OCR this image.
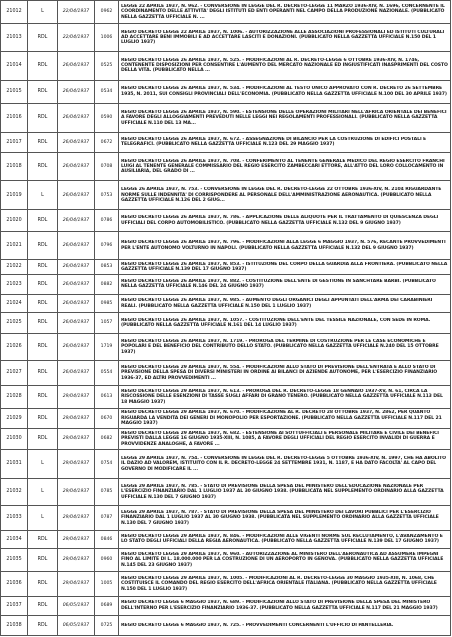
21012	L	22/04/1937	0962	LEGGE 22 APRILE 1937, N. 962. - CONVERSIONE IN LEGGE DEL R. DECRETO-LEGGE 11 MARZO 1936-XIV, N. 1696, CONCERNENTE IL COORDINAMENTO DELLE ATTIVITA' DEGLI ISTITUTI ED ENTI OPERANTI NEL CAMPO DELLA PRODUZIONE NAZIONALE. (PUBBLICATO NELLA GAZZETTA UFFICIALE N. ...

21013	RDL	22/04/1937	1006	REGIO DECRETO LEGGE 22 APRILE 1937, N. 1006. - AUTORIZZAZIONE ALLE ASSOCIAZIONI PROFESSIONALI ED ISTITUTI CULTURALI AD ACCETTARE BENI IMMOBILI E AD ACCETTARE LASCITI E DONAZIONI. (PUBBLICATO NELLA GAZZETTA UFFICIALE N.150 DEL 1 LUGLIO 1937)

21014	RDL	26/04/1937	0525	REGIO DECRETO LEGGE 26 APRILE 1937, N. 525. - MODIFICAZIONI AL R. DECRETO-LEGGE 6 OTTOBRE 1936-XIV, N. 1746, CONTENENTE DISPOSIZIONI PER CONSENTIRE L'AUMENTO DEL MERCATO NAZIONALE ED INGIUSTIFICATI INASPRIMENTI DEL COSTO DELLA VITA. (PUBBLICATO NELLA ...

21015	RDL	26/04/1937	0534	REGIO DECRETO LEGGE 26 APRILE 1937, N. 534. - MODIFICAZIONI AL TESTO UNICO APPROVATO CON R. DECRETO 26 SETTEMBRE 1935, N. 2011, SUI CONSIGLI PROVINCIALI DELL'ECONOMIA. (PUBBLICATO NELLA GAZZETTA UFFICIALE N.100 DEL 30 APRILE 1937)

21016	RDL	26/04/1937	0590	REGIO DECRETO LEGGE 26 APRILE 1937, N. 590. - ESTENSIONE DELLE OPERAZIONI MILITARI NELL'AFRICA ORIENTALE DEI BENEFICI A FAVORE DEGLI ALLOGGIAMENTI PREVEDUTI NELLE LEGGI NEI REGOLAMENTI PROFESSIONALI. (PUBBLICATO NELLA GAZZETTA UFFICIALE N.110 DEL 13 MA...

21017	RDL	26/04/1937	0672	REGIO DECRETO LEGGE 26 APRILE 1937, N. 672. - ASSEGNAZIONE DI BILANCIO PER LA COSTRUZIONE DI EDIFICI POSTALI E TELEGRAFICI. (PUBBLICATO NELLA GAZZETTA UFFICIALE N.123 DEL 29 MAGGIO 1937)

21018	RDL	26/04/1937	0708	REGIO DECRETO LEGGE 26 APRILE 1937, N. 708. - CONFERIMENTO AL TENENTE GENERALE MEDICO DEL REGIO ESERCITO FRANCHI LUIGI AL TENENTE GENERALE COMMISSARIO DEL REGIO ESERCITO ZAMBECCARI ETTORE, ALL'ATTO DEL LORO COLLOCAMENTO IN AUSILIARIA, DEL GRADO DI ...

21019	L	26/04/1937	0753	LEGGE 26 APRILE 1937, N. 753. - CONVERSIONE IN LEGGE DEL R. DECRETO-LEGGE 22 OTTOBRE 1936-XIV, N. 2104 RIGUARDANTE NORME SULLE INDENNITA' DI CORRISPONDERE AL PERSONALE DELL'AMMINISTRAZIONE AERONAUTICA. (PUBBLICATO NELLA GAZZETTA UFFICIALE N.126 DEL 2 GIUG...

21020	RDL	26/04/1937	0786	REGIO DECRETO LEGGE 26 APRILE 1937, N. 786. - APPLICAZIONE DELLE ALIQUOTE PER IL TRATTAMENTO DI QUIESCENZA DEGLI UFFICIALI DEL CORPO AUTOMOBILISTICO. (PUBBLICATO NELLA GAZZETTA UFFICIALE N.132 DEL 9 GIUGNO 1937)

21021	RDL	26/04/1937	0796	REGIO DECRETO LEGGE 26 APRILE 1937, N. 796. - MODIFICAZIONI ALLA LEGGE 6 MAGGIO 1937, N. 576, RECANTE PROVVEDIMENTI PER L'ENTE AUTONOMO VOLTURNO IN NAPOLI. (PUBBLICATO NELLA GAZZETTA UFFICIALE N.132 DEL 9 GIUGNO 1937)

21022	RDL	26/04/1937	0853	REGIO DECRETO LEGGE 26 APRILE 1937, N. 853. - ISTITUZIONE DEL CORPO DELLA GUARDIA ALLA FRONTIERA. (PUBBLICATO NELLA GAZZETTA UFFICIALE N.139 DEL 17 GIUGNO 1937)

21023	RDL	26/04/1937	0882	REGIO DECRETO LEGGE 26 APRILE 1937, N. 882. - COSTITUZIONE DELL'ENTE DI GESTIONE IN SANCHTARE BARBI. (PUBBLICATO NELLA GAZZETTA UFFICIALE N.146 DEL 24 GIUGNO 1937)

21024	RDL	26/04/1937	0985	REGIO DECRETO LEGGE 26 APRILE 1937, N. 985. - AUMENTO DEGLI ORGANICI DEGLI APPUNTATI DELL'ARMA DEI CARABINIERI REALI. (PUBBLICATO NELLA GAZZETTA UFFICIALE N.150 DEL 1 LUGLIO 1937)

21025	RDL	26/04/1937	1057	REGIO DECRETO LEGGE 26 APRILE 1937, N. 1057. - COSTITUZIONE DELL'ENTE DEL TESSILE NAZIONALE, CON SEDE IN ROMA. (PUBBLICATO NELLA GAZZETTA UFFICIALE N.161 DEL 14 LUGLIO 1937)

21026	RDL	26/04/1937	1719	REGIO DECRETO LEGGE 26 APRILE 1937, N. 1719. - PROROGA DEL TERMINE DI COSTRUZIONE PER LE CASE ECONOMICHE E POPOLARI E DEL BENEFICIO DEL CONTRIBUTO DELLO STATO. (PUBBLICATO NELLA GAZZETTA UFFICIALE N.240 DEL 15 OTTOBRE 1937)

21027	RDL	26/04/1937	0554	REGIO DECRETO LEGGE 29 APRILE 1937, N. 554. - MODIFICAZIONI ALLO STATO DI PREVISIONE DELL'ENTRATA E ALLO STATO DI PREVISIONE DELLA SPESA DI DIVERSI MINISTERI IN ORDINE AI BILANCI DI AZIENDE AUTONOME, PER L'ESERCIZIO FINANZIARIO 1936-37, ED ALTRI PROVVEDIMENTI ...

21028	RDL	29/04/1937	0613	REGIO DECRETO LEGGE 29 APRILE 1937, N. 613. - PROROGA DEL R. DECRETO-LEGGE 18 GENNAIO 1937-XV, N. 61, CIRCA LA RISCOSSIONE DELLE ESENZIONI DI TASSE SUGLI AFFARI DI GRANO TENERO. (PUBBLICATO NELLA GAZZETTA UFFICIALE N.113 DEL 18 MAGGIO 1937)

21029	RDL	29/04/1937	0670	REGIO DECRETO LEGGE 29 APRILE 1937, N. 670. - MODIFICAZIONE AL R. DECRETO 28 OTTOBRE 1937, N. 2862, PER QUANTO RIGUARDA LA VENDITA DEI GENERI DI MONOPOLIO PER ESPORTAZIONE. (PUBBLICATO NELLA GAZZETTA UFFICIALE N.117 DEL 21 MAGGIO 1937)

21030	RDL	29/04/1937	0682	REGIO DECRETO LEGGE 29 APRILE 1937, N. 682. - ESTENSIONE AI SOTTUFFICIALI E PERSONALE MILITARE E CIVILE DEI BENEFICI PREVISTI DALLA LEGGE 16 GIUGNO 1935-XIII, N. 1085, A FAVORE DEGLI UFFICIALI DEL REGIO ESERCITO INVALIDI DI GUERRA E PROVVIDENZE ANALOGHE, A FAVORE ...

21031	L	29/04/1937	0754	LEGGE 29 APRILE 1937, N. 754. - CONVERSIONE IN LEGGE DEL R. DECRETO-LEGGE 5 OTTOBRE 1936-XIV, N. 1997, CHE HA ABOLITO IL DAZIO AD VALOREM, ISTITUITO CON IL R. DECRETO-LEGGE 24 SETTEMBRE 1931, N. 1187, E HA DATO FACOLTA' AL CAPO DEL GOVERNO DI MODIFICARE IL ...

21032	L	29/04/1937	0785	LEGGE 29 APRILE 1937, N. 785. - STATO DI PREVISIONE DELLA SPESA DEL MINISTERO DELL'EDUCAZIONE NAZIONALE PER L'ESERCIZIO FINANZIARIO DAL 1 LUGLIO 1937 AL 30 GIUGNO 1938. (PUBBLICATA NEL SUPPLEMENTO ORDINARIO ALLA GAZZETTA UFFICIALE N.130 DEL 7 GIUGNO 1937)

21033	L	29/04/1937	0787	LEGGE 29 APRILE 1937, N. 787. - STATO DI PREVISIONE DELLA SPESA DEL MINISTERO DEI LAVORI PUBBLICI PER L'ESERCIZIO FINANZIARIO DAL 1 LUGLIO 1937 AL 30 GIUGNO 1938. (PUBBLICATA NEL SUPPLEMENTO ORDINARIO ALLA GAZZETTA UFFICIALE N.130 DEL 7 GIUGNO 1937)

21034	RDL	29/04/1937	0846	REGIO DECRETO LEGGE 29 APRILE 1937, N. 846. - MODIFICAZIONI ALLE VIGENTI NORME SUL RECLUTAMENTO, L'AVANZAMENTO E LO STATO DEGLI UFFICIALI DELLA REGIA AERONAUTICA. (PUBBLICATO NELLA GAZZETTA UFFICIALE N.139 DEL 17 GIUGNO 1937)

21035	RDL	29/04/1937	0960	REGIO DECRETO LEGGE 29 APRILE 1937, N. 960. - AUTORIZZAZIONE AL MINISTERO DELL'AERONAUTICA AD ASSUMERE IMPEGNI FINO AL LIMITE DI L. 18.000.000 PER LA COSTRUZIONE DI UN AEROPORTO IN GENOVA. (PUBBLICATO NELLA GAZZETTA UFFICIALE N.145 DEL 23 GIUGNO 1937)

21036	RDL	29/04/1937	1005	REGIO DECRETO LEGGE 29 APRILE 1937, N. 1005. - MODIFICAZIONI AL R. DECRETO-LEGGE 30 MAGGIO 1935-XIII, N. 1068, CHE COSTITUISCE IL COMANDO DEL REGIO ESERCITO DELL'AFRICA ORIENTALE ITALIANA. (PUBBLICATO NELLA GAZZETTA UFFICIALE N.150 DEL 1 LUGLIO 1937)

21037	RDL	06/05/1937	0689	REGIO DECRETO LEGGE 6 MAGGIO 1937, N. 689. - MODIFICAZIONI ALLO STATO DI PREVISIONE DELLA SPESA DEL MINISTERO DELL'INTERNO PER L'ESERCIZIO FINANZIARIO 1936-37. (PUBBLICATO NELLA GAZZETTA UFFICIALE N.117 DEL 21 MAGGIO 1937)

21038	RDL	06/05/1937	0725	REGIO DECRETO LEGGE 6 MAGGIO 1937, N. 725. - PROVVEDIMENTI CONCERNENTI L'UFFICIO DI PANTELLERIA.
